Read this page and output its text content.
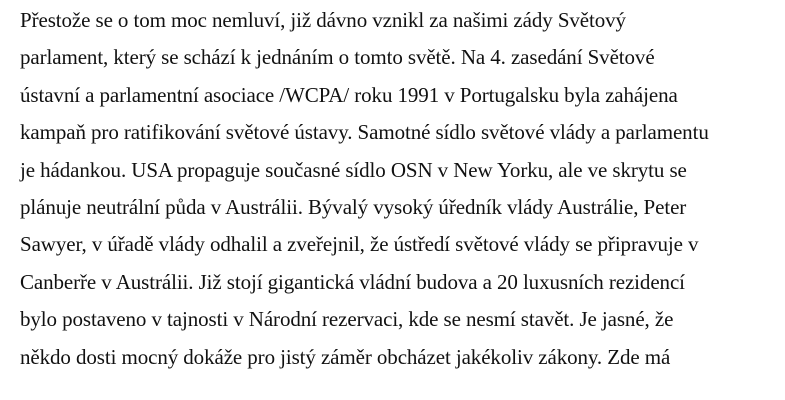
Přestože se o tom moc nemluví, již dávno vznikl za našimi zády Světový
parlament, který se schází k jednáním o tomto světě. Na 4. zasedání Světové
ústavní a parlamentní asociace /WCPA/ roku 1991 v Portugalsku byla zahájena
kampaň pro ratifikování světové ústavy. Samotné sídlo světové vlády a parlamentu
je hádankou. USA propaguje současné sídlo OSN v New Yorku, ale ve skrytu se
plánuje neutrální půda v Austrálii. Bývalý vysoký úředník vlády Austrálie, Peter
Sawyer, v úřadě vlády odhalil a zveřejnil, že ústředí světové vlády se připravuje v
Canberře v Austrálii. Již stojí gigantická vládní budova a 20 luxusních rezidencí
bylo postaveno v tajnosti v Národní rezervaci, kde se nesmí stavět. Je jasné, že
někdo dosti mocný dokáže pro jistý záměr obcházet jakékoliv zákony. Zde má
